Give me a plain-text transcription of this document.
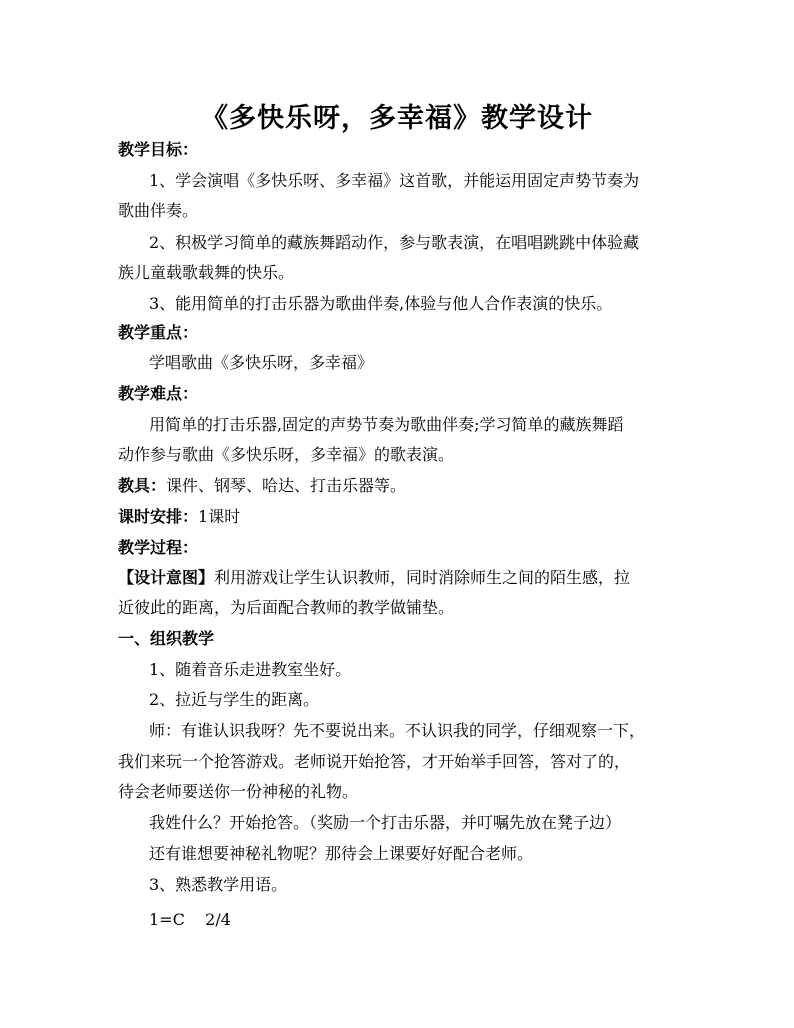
《多快乐呀，多幸福》教学设计
教学目标：
1、学会演唱《多快乐呀、多幸福》这首歌，并能运用固定声势节奏为
歌曲伴奏。
2、积极学习简单的藏族舞蹈动作，参与歌表演，在唱唱跳跳中体验藏
族儿童载歌载舞的快乐。
3、能用简单的打击乐器为歌曲伴奏,体验与他人合作表演的快乐。
教学重点：
学唱歌曲《多快乐呀，多幸福》
教学难点：
用简单的打击乐器,固定的声势节奏为歌曲伴奏;学习简单的藏族舞蹈
动作参与歌曲《多快乐呀，多幸福》的歌表演。
教具：课件、钢琴、哈达、打击乐器等。
课时安排：1课时
教学过程：
【设计意图】利用游戏让学生认识教师，同时消除师生之间的陌生感，拉
近彼此的距离，为后面配合教师的教学做铺垫。
一、组织教学
1、随着音乐走进教室坐好。
2、拉近与学生的距离。
师：有谁认识我呀？先不要说出来。不认识我的同学，仔细观察一下，
我们来玩一个抢答游戏。老师说开始抢答，才开始举手回答，答对了的，
待会老师要送你一份神秘的礼物。
我姓什么？开始抢答。（奖励一个打击乐器，并叮嘱先放在凳子边）
还有谁想要神秘礼物呢？那待会上课要好好配合老师。
3、熟悉教学用语。
1=C    2/4
